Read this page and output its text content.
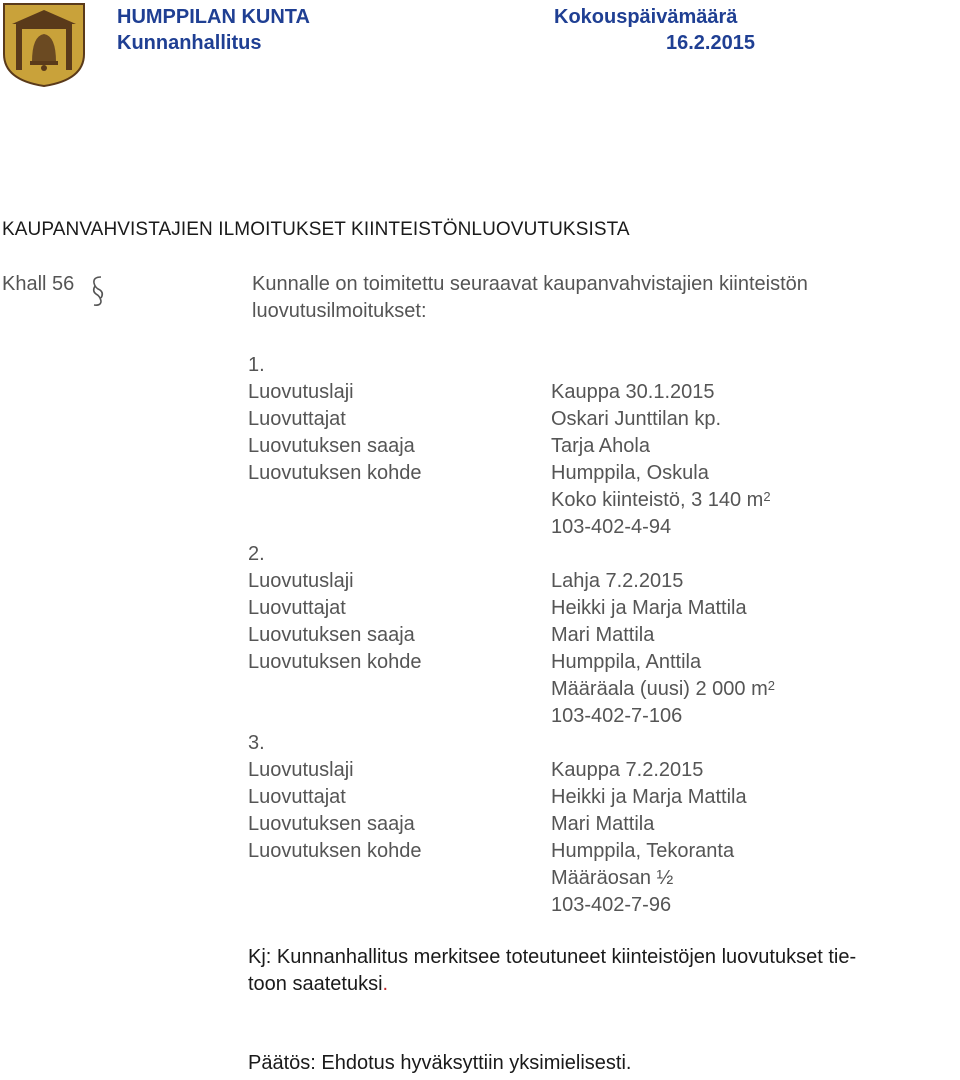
HUMPPILAN KUNTA
Kunnanhallitus
Kokouspäivämäärä
16.2.2015
KAUPANVAHVISTAJIEN ILMOITUKSET KIINTEISTÖNLUOVUTUKSISTA
Khall 56	Kunnalle on toimitettu seuraavat kaupanvahvistajien kiinteistön
luovutusilmoitukset:
1.
Luovutuslaji	Kauppa 30.1.2015
Luovuttajat	Oskari Junttilan kp.
Luovutuksen saaja	Tarja Ahola
Luovutuksen kohde	Humppila, Oskula
Koko kiinteistö, 3 140 $m^2$
103-402-4-94
2.
Luovutuslaji	Lahja 7.2.2015
Luovuttajat	Heikki ja Marja Mattila
Luovutuksen saaja	Mari Mattila
Luovutuksen kohde	Humppila, Anttila
Määräala (uusi) 2 000 $m^2$
103-402-7-106
3.
Luovutuslaji	Kauppa 7.2.2015
Luovuttajat	Heikki ja Marja Mattila
Luovutuksen saaja	Mari Mattila
Luovutuksen kohde	Humppila, Tekoranta
Määräosan ½
103-402-7-96
Kj: Kunnanhallitus merkitsee toteutuneet kiinteistöjen luovutukset tie-
toon saatetuksi.
Päätös: Ehdotus hyväksyttiin yksimielisesti.
